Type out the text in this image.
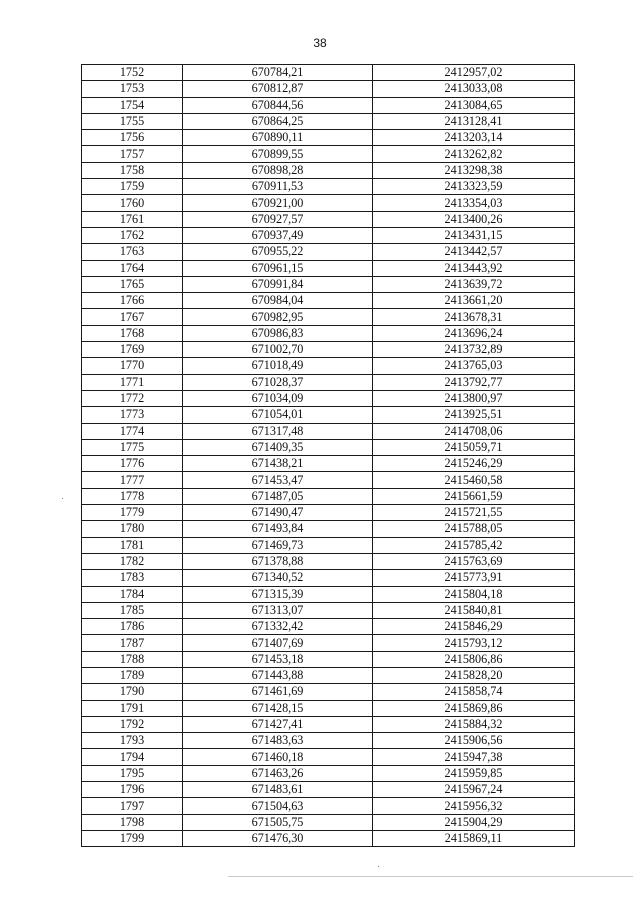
38
1752	670784,21	2412957,02
1753	670812,87	2413033,08
1754	670844,56	2413084,65
1755	670864,25	2413128,41
1756	670890,11	2413203,14
1757	670899,55	2413262,82
1758	670898,28	2413298,38
1759	670911,53	2413323,59
1760	670921,00	2413354,03
1761	670927,57	2413400,26
1762	670937,49	2413431,15
1763	670955,22	2413442,57
1764	670961,15	2413443,92
1765	670991,84	2413639,72
1766	670984,04	2413661,20
1767	670982,95	2413678,31
1768	670986,83	2413696,24
1769	671002,70	2413732,89
1770	671018,49	2413765,03
1771	671028,37	2413792,77
1772	671034,09	2413800,97
1773	671054,01	2413925,51
1774	671317,48	2414708,06
1775	671409,35	2415059,71
1776	671438,21	2415246,29
1777	671453,47	2415460,58
1778	671487,05	2415661,59
1779	671490,47	2415721,55
1780	671493,84	2415788,05
1781	671469,73	2415785,42
1782	671378,88	2415763,69
1783	671340,52	2415773,91
1784	671315,39	2415804,18
1785	671313,07	2415840,81
1786	671332,42	2415846,29
1787	671407,69	2415793,12
1788	671453,18	2415806,86
1789	671443,88	2415828,20
1790	671461,69	2415858,74
1791	671428,15	2415869,86
1792	671427,41	2415884,32
1793	671483,63	2415906,56
1794	671460,18	2415947,38
1795	671463,26	2415959,85
1796	671483,61	2415967,24
1797	671504,63	2415956,32
1798	671505,75	2415904,29
1799	671476,30	2415869,11
